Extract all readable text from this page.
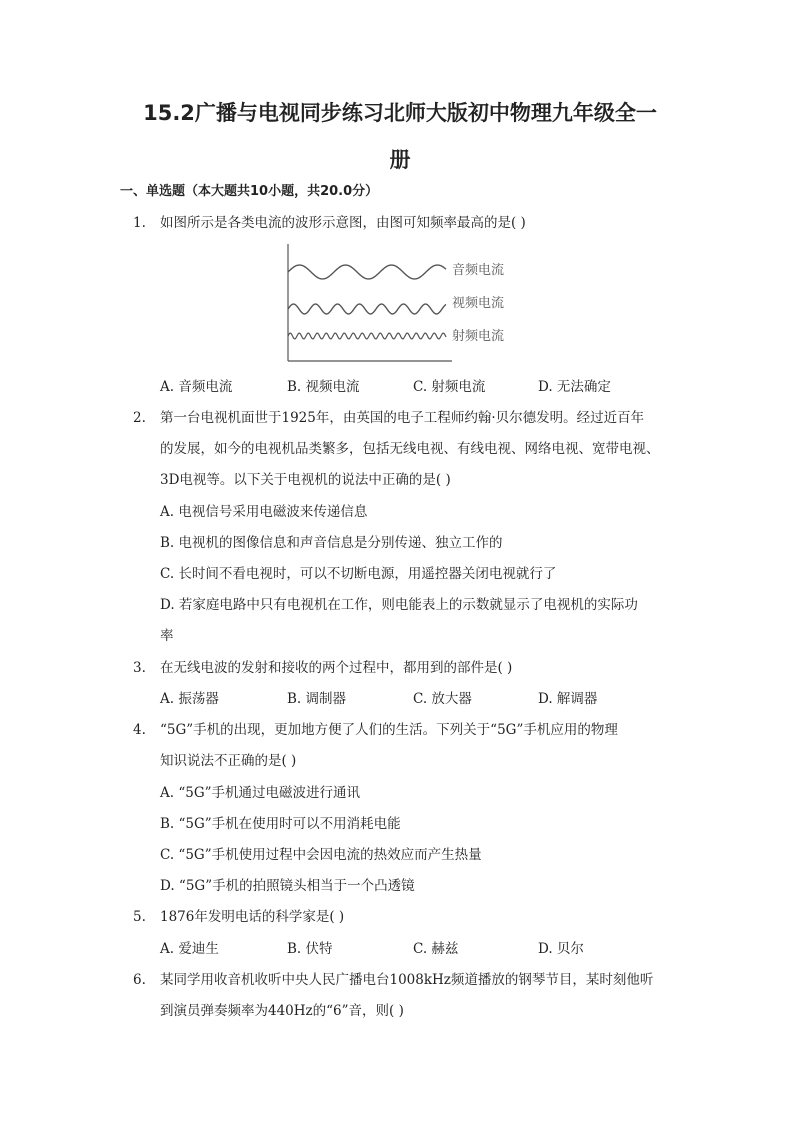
15.2广播与电视同步练习北师大版初中物理九年级全一
册
一、单选题（本大题共10小题，共20.0分）
1. 如图所示是各类电流的波形示意图，由图可知频率最高的是( )
音频电流
视频电流
射频电流
A. 音频电流	B. 视频电流	C. 射频电流	D. 无法确定
2. 第一台电视机面世于1925年，由英国的电子工程师约翰·贝尔德发明。经过近百年
的发展，如今的电视机品类繁多，包括无线电视、有线电视、网络电视、宽带电视、
3D电视等。以下关于电视机的说法中正确的是( )
A. 电视信号采用电磁波来传递信息
B. 电视机的图像信息和声音信息是分别传递、独立工作的
C. 长时间不看电视时，可以不切断电源，用遥控器关闭电视就行了
D. 若家庭电路中只有电视机在工作，则电能表上的示数就显示了电视机的实际功
率
3. 在无线电波的发射和接收的两个过程中，都用到的部件是( )
A. 振荡器	B. 调制器	C. 放大器	D. 解调器
4. “5G”手机的出现，更加地方便了人们的生活。下列关于“5G”手机应用的物理
知识说法不正确的是( )
A. “5G”手机通过电磁波进行通讯
B. “5G”手机在使用时可以不用消耗电能
C. “5G”手机使用过程中会因电流的热效应而产生热量
D. “5G”手机的拍照镜头相当于一个凸透镜
5. 1876年发明电话的科学家是( )
A. 爱迪生	B. 伏特	C. 赫兹	D. 贝尔
6. 某同学用收音机收听中央人民广播电台1008kHz频道播放的钢琴节目，某时刻他听
到演员弹奏频率为440Hz的“6”音，则( )
